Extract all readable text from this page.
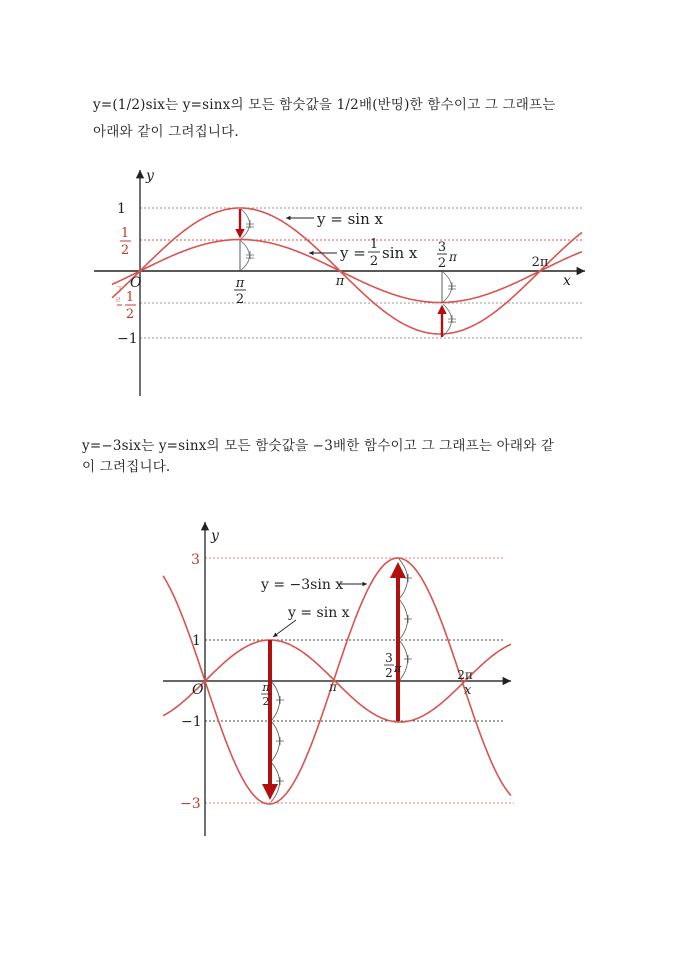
y=(1/2)six는 y=sinx의 모든 함숫값을 1/2배(반띵)한 함수이고 그 그래프는
아래와 같이 그려집니다.
y=−3six는 y=sinx의 모든 함숫값을 −3배한 함수이고 그 그래프는 아래와 같
이 그려집니다.
y
x
O
1
1
2
1
2
ㄱ
ㄹ
−1
π
2
π
3
2 π	2π
y = sin x
y = 1
2 sin x
y
x
O
3
1
−1
−3
π
2
π
3
2 π	2π
y = −3sin x
y = sin x
